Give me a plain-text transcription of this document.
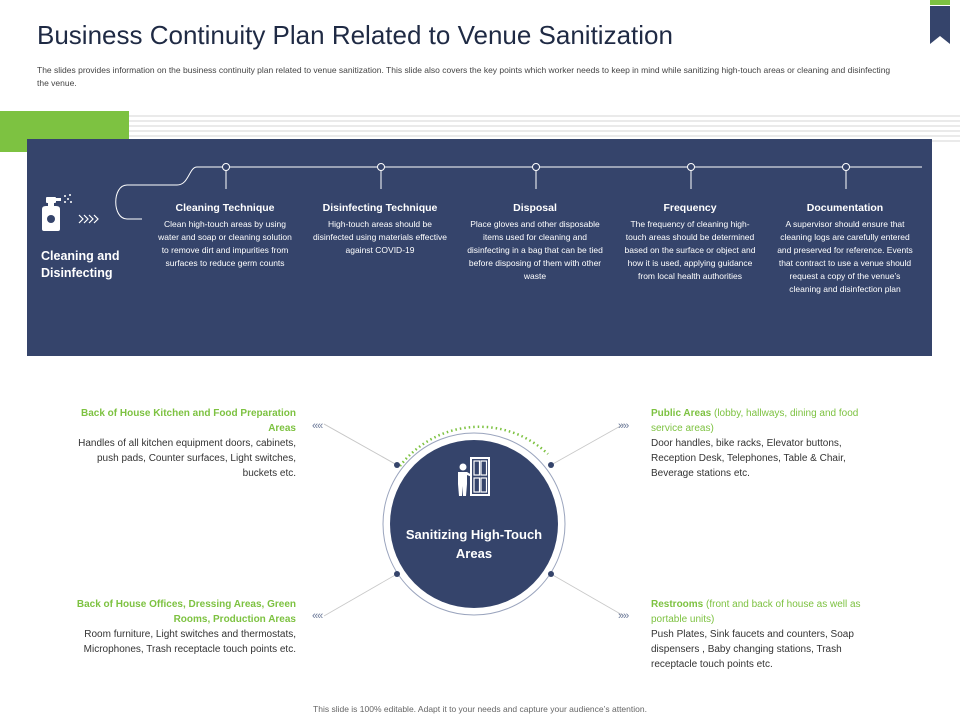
Business Continuity Plan Related to Venue Sanitization
The slides provides information on the business continuity plan related to venue sanitization. This slide also covers the key points which worker needs to keep in mind while sanitizing high-touch areas or cleaning and disinfecting the venue.
Cleaning and Disinfecting
Cleaning Technique
Clean high-touch areas by using water and soap or cleaning solution to remove dirt and impurities from surfaces to reduce germ counts
Disinfecting Technique
High-touch areas should be disinfected using materials effective against COVID-19
Disposal
Place gloves and other disposable items used for cleaning and disinfecting in a bag that can be tied before disposing of them with other waste
Frequency
The frequency of cleaning high-touch areas should be determined based on the surface or object and how it is used, applying guidance from local health authorities
Documentation
A supervisor should ensure that cleaning logs are carefully entered and preserved for reference. Events that contract to use a venue should request a copy of the venue’s cleaning and disinfection plan
Sanitizing High-Touch Areas
««	»»
««	»»
Back of House Kitchen and Food Preparation Areas
Handles of all kitchen equipment doors, cabinets, push pads, Counter surfaces, Light switches, buckets etc.
Public Areas (lobby, hallways, dining and food service areas)
Door handles, bike racks, Elevator buttons, Reception Desk, Telephones, Table & Chair, Beverage stations etc.
Back of House Offices, Dressing Areas, Green Rooms, Production Areas
Room furniture, Light switches and thermostats, Microphones, Trash receptacle touch points etc.
Restrooms (front and back of house as well as portable units)
Push Plates, Sink faucets and counters, Soap dispensers , Baby changing stations, Trash receptacle touch points etc.
This slide is 100% editable. Adapt it to your needs and capture your audience’s attention.
